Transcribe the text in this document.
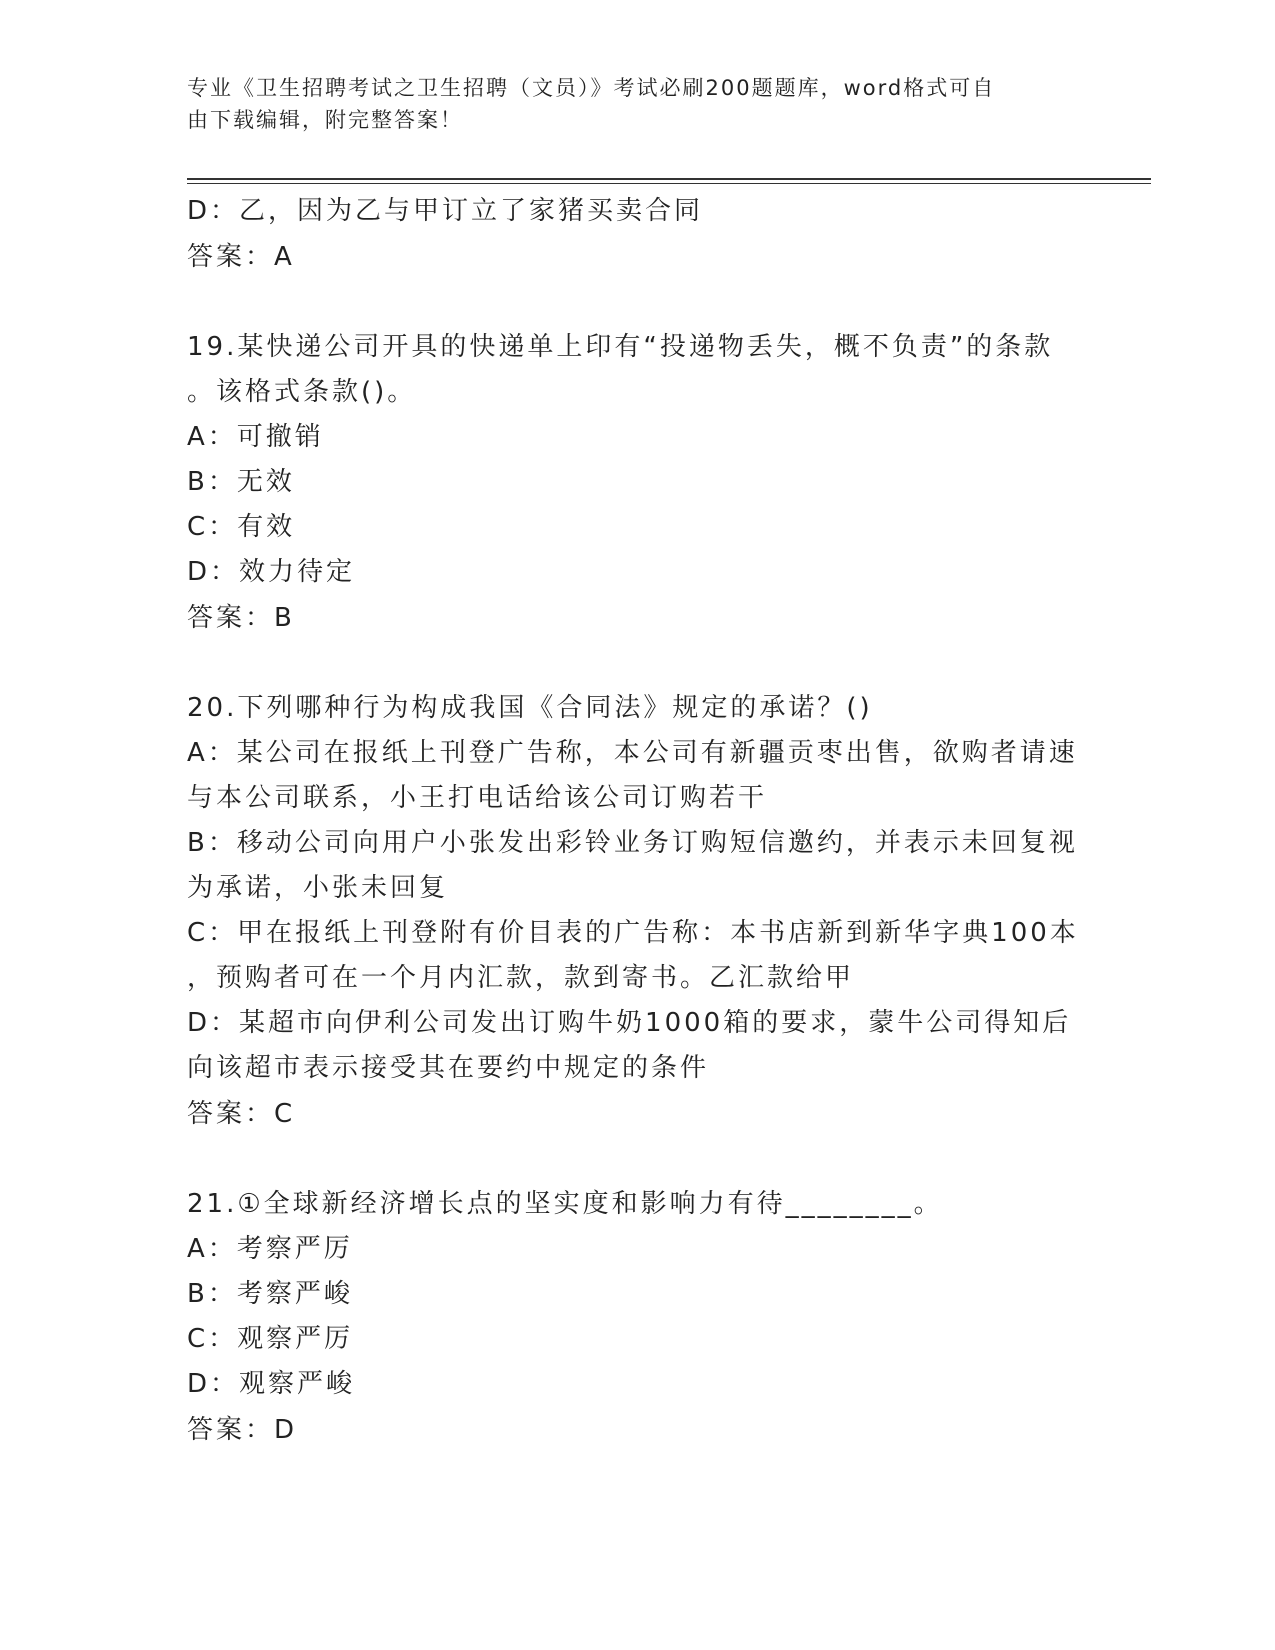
专业《卫生招聘考试之卫生招聘（文员）》考试必刷200题题库，word格式可自
由下载编辑，附完整答案！
D：乙，因为乙与甲订立了家猪买卖合同
答案：A
19.某快递公司开具的快递单上印有“投递物丢失，概不负责”的条款
。该格式条款()。
A：可撤销
B：无效
C：有效
D：效力待定
答案：B
20.下列哪种行为构成我国《合同法》规定的承诺？()
A：某公司在报纸上刊登广告称，本公司有新疆贡枣出售，欲购者请速
与本公司联系，小王打电话给该公司订购若干
B：移动公司向用户小张发出彩铃业务订购短信邀约，并表示未回复视
为承诺，小张未回复
C：甲在报纸上刊登附有价目表的广告称：本书店新到新华字典100本
，预购者可在一个月内汇款，款到寄书。乙汇款给甲
D：某超市向伊利公司发出订购牛奶1000箱的要求，蒙牛公司得知后
向该超市表示接受其在要约中规定的条件
答案：C
21.①全球新经济增长点的坚实度和影响力有待________。
A：考察严厉
B：考察严峻
C：观察严厉
D：观察严峻
答案：D
